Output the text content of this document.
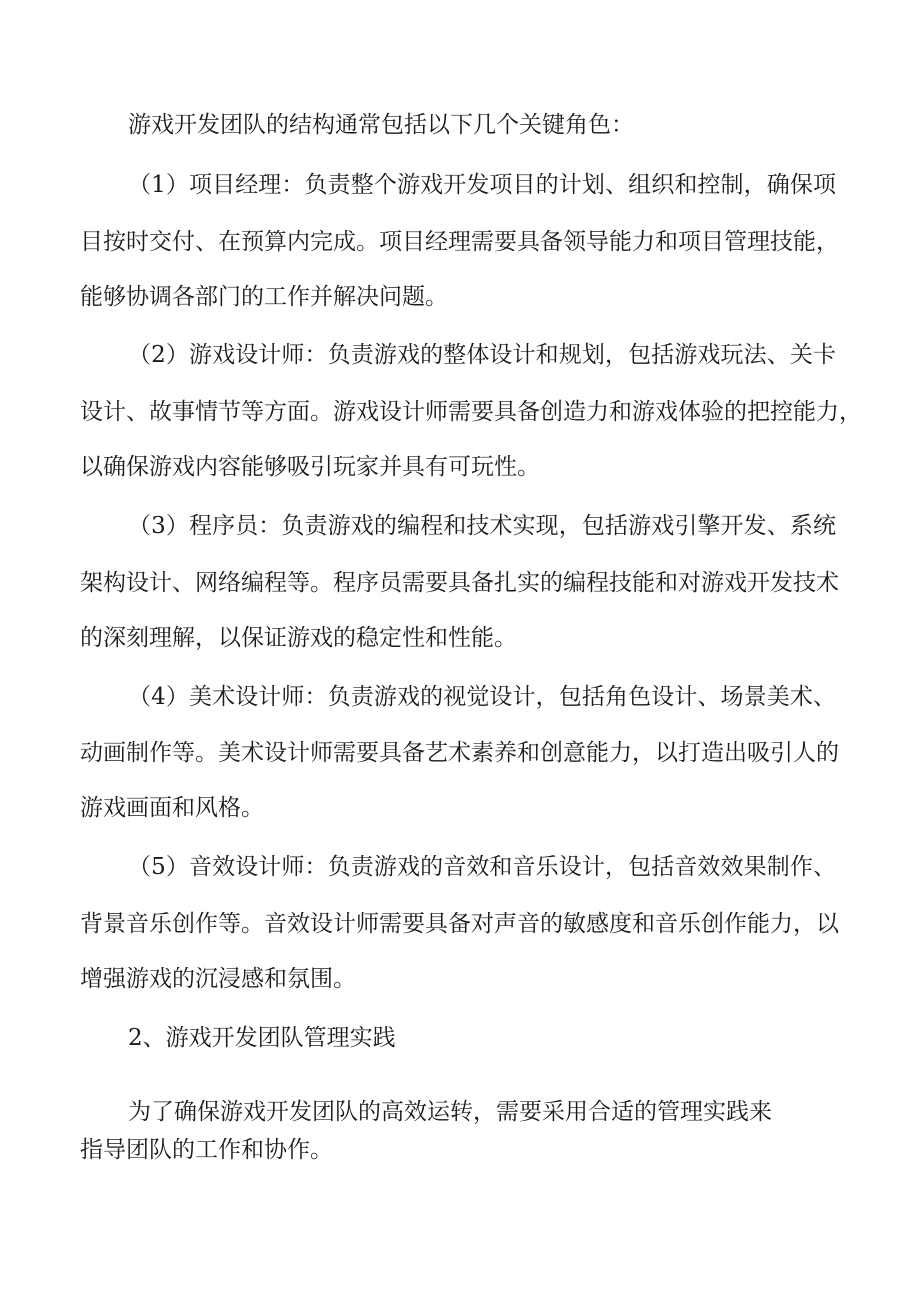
游戏开发团队的结构通常包括以下几个关键角色：
（1）项目经理：负责整个游戏开发项目的计划、组织和控制，确保项
目按时交付、在预算内完成。项目经理需要具备领导能力和项目管理技能，
能够协调各部门的工作并解决问题。
（2）游戏设计师：负责游戏的整体设计和规划，包括游戏玩法、关卡
设计、故事情节等方面。游戏设计师需要具备创造力和游戏体验的把控能力，
以确保游戏内容能够吸引玩家并具有可玩性。
（3）程序员：负责游戏的编程和技术实现，包括游戏引擎开发、系统
架构设计、网络编程等。程序员需要具备扎实的编程技能和对游戏开发技术
的深刻理解，以保证游戏的稳定性和性能。
（4）美术设计师：负责游戏的视觉设计，包括角色设计、场景美术、
动画制作等。美术设计师需要具备艺术素养和创意能力，以打造出吸引人的
游戏画面和风格。
（5）音效设计师：负责游戏的音效和音乐设计，包括音效效果制作、
背景音乐创作等。音效设计师需要具备对声音的敏感度和音乐创作能力，以
增强游戏的沉浸感和氛围。
2、游戏开发团队管理实践
为了确保游戏开发团队的高效运转，需要采用合适的管理实践来
指导团队的工作和协作。
